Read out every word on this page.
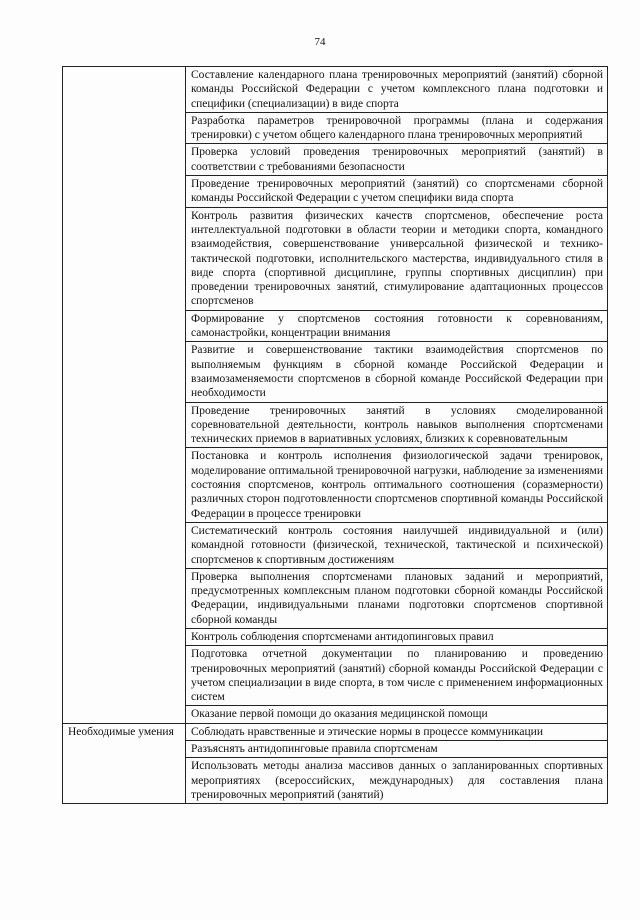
74
	Составление календарного плана тренировочных мероприятий (занятий) сборной команды Российской Федерации с учетом комплексного плана подготовки и специфики (специализации) в виде спорта
	Разработка параметров тренировочной программы (плана и содержания тренировки) с учетом общего календарного плана тренировочных мероприятий
	Проверка условий проведения тренировочных мероприятий (занятий) в соответствии с требованиями безопасности
	Проведение тренировочных мероприятий (занятий) со спортсменами сборной команды Российской Федерации с учетом специфики вида спорта
	Контроль развития физических качеств спортсменов, обеспечение роста интеллектуальной подготовки в области теории и методики спорта, командного взаимодействия, совершенствование универсальной физической и технико-тактической подготовки, исполнительского мастерства, индивидуального стиля в виде спорта (спортивной дисциплине, группы спортивных дисциплин) при проведении тренировочных занятий, стимулирование адаптационных процессов спортсменов
	Формирование у спортсменов состояния готовности к соревнованиям, самонастройки, концентрации внимания
	Развитие и совершенствование тактики взаимодействия спортсменов по выполняемым функциям в сборной команде Российской Федерации и взаимозаменяемости спортсменов в сборной команде Российской Федерации при необходимости
	Проведение тренировочных занятий в условиях смоделированной соревновательной деятельности, контроль навыков выполнения спортсменами технических приемов в вариативных условиях, близких к соревновательным
	Постановка и контроль исполнения физиологической задачи тренировок, моделирование оптимальной тренировочной нагрузки, наблюдение за изменениями состояния спортсменов, контроль оптимального соотношения (соразмерности) различных сторон подготовленности спортсменов спортивной команды Российской Федерации в процессе тренировки
	Систематический контроль состояния наилучшей индивидуальной и (или) командной готовности (физической, технической, тактической и психической) спортсменов к спортивным достижениям
	Проверка выполнения спортсменами плановых заданий и мероприятий, предусмотренных комплексным планом подготовки сборной команды Российской Федерации, индивидуальными планами подготовки спортсменов спортивной сборной команды
	Контроль соблюдения спортсменами антидопинговых правил
	Подготовка отчетной документации по планированию и проведению тренировочных мероприятий (занятий) сборной команды Российской Федерации с учетом специализации в виде спорта, в том числе с применением информационных систем
	Оказание первой помощи до оказания медицинской помощи
Необходимые умения	Соблюдать нравственные и этические нормы в процессе коммуникации
	Разъяснять антидопинговые правила спортсменам
	Использовать методы анализа массивов данных о запланированных спортивных мероприятиях (всероссийских, международных) для составления плана тренировочных мероприятий (занятий)
